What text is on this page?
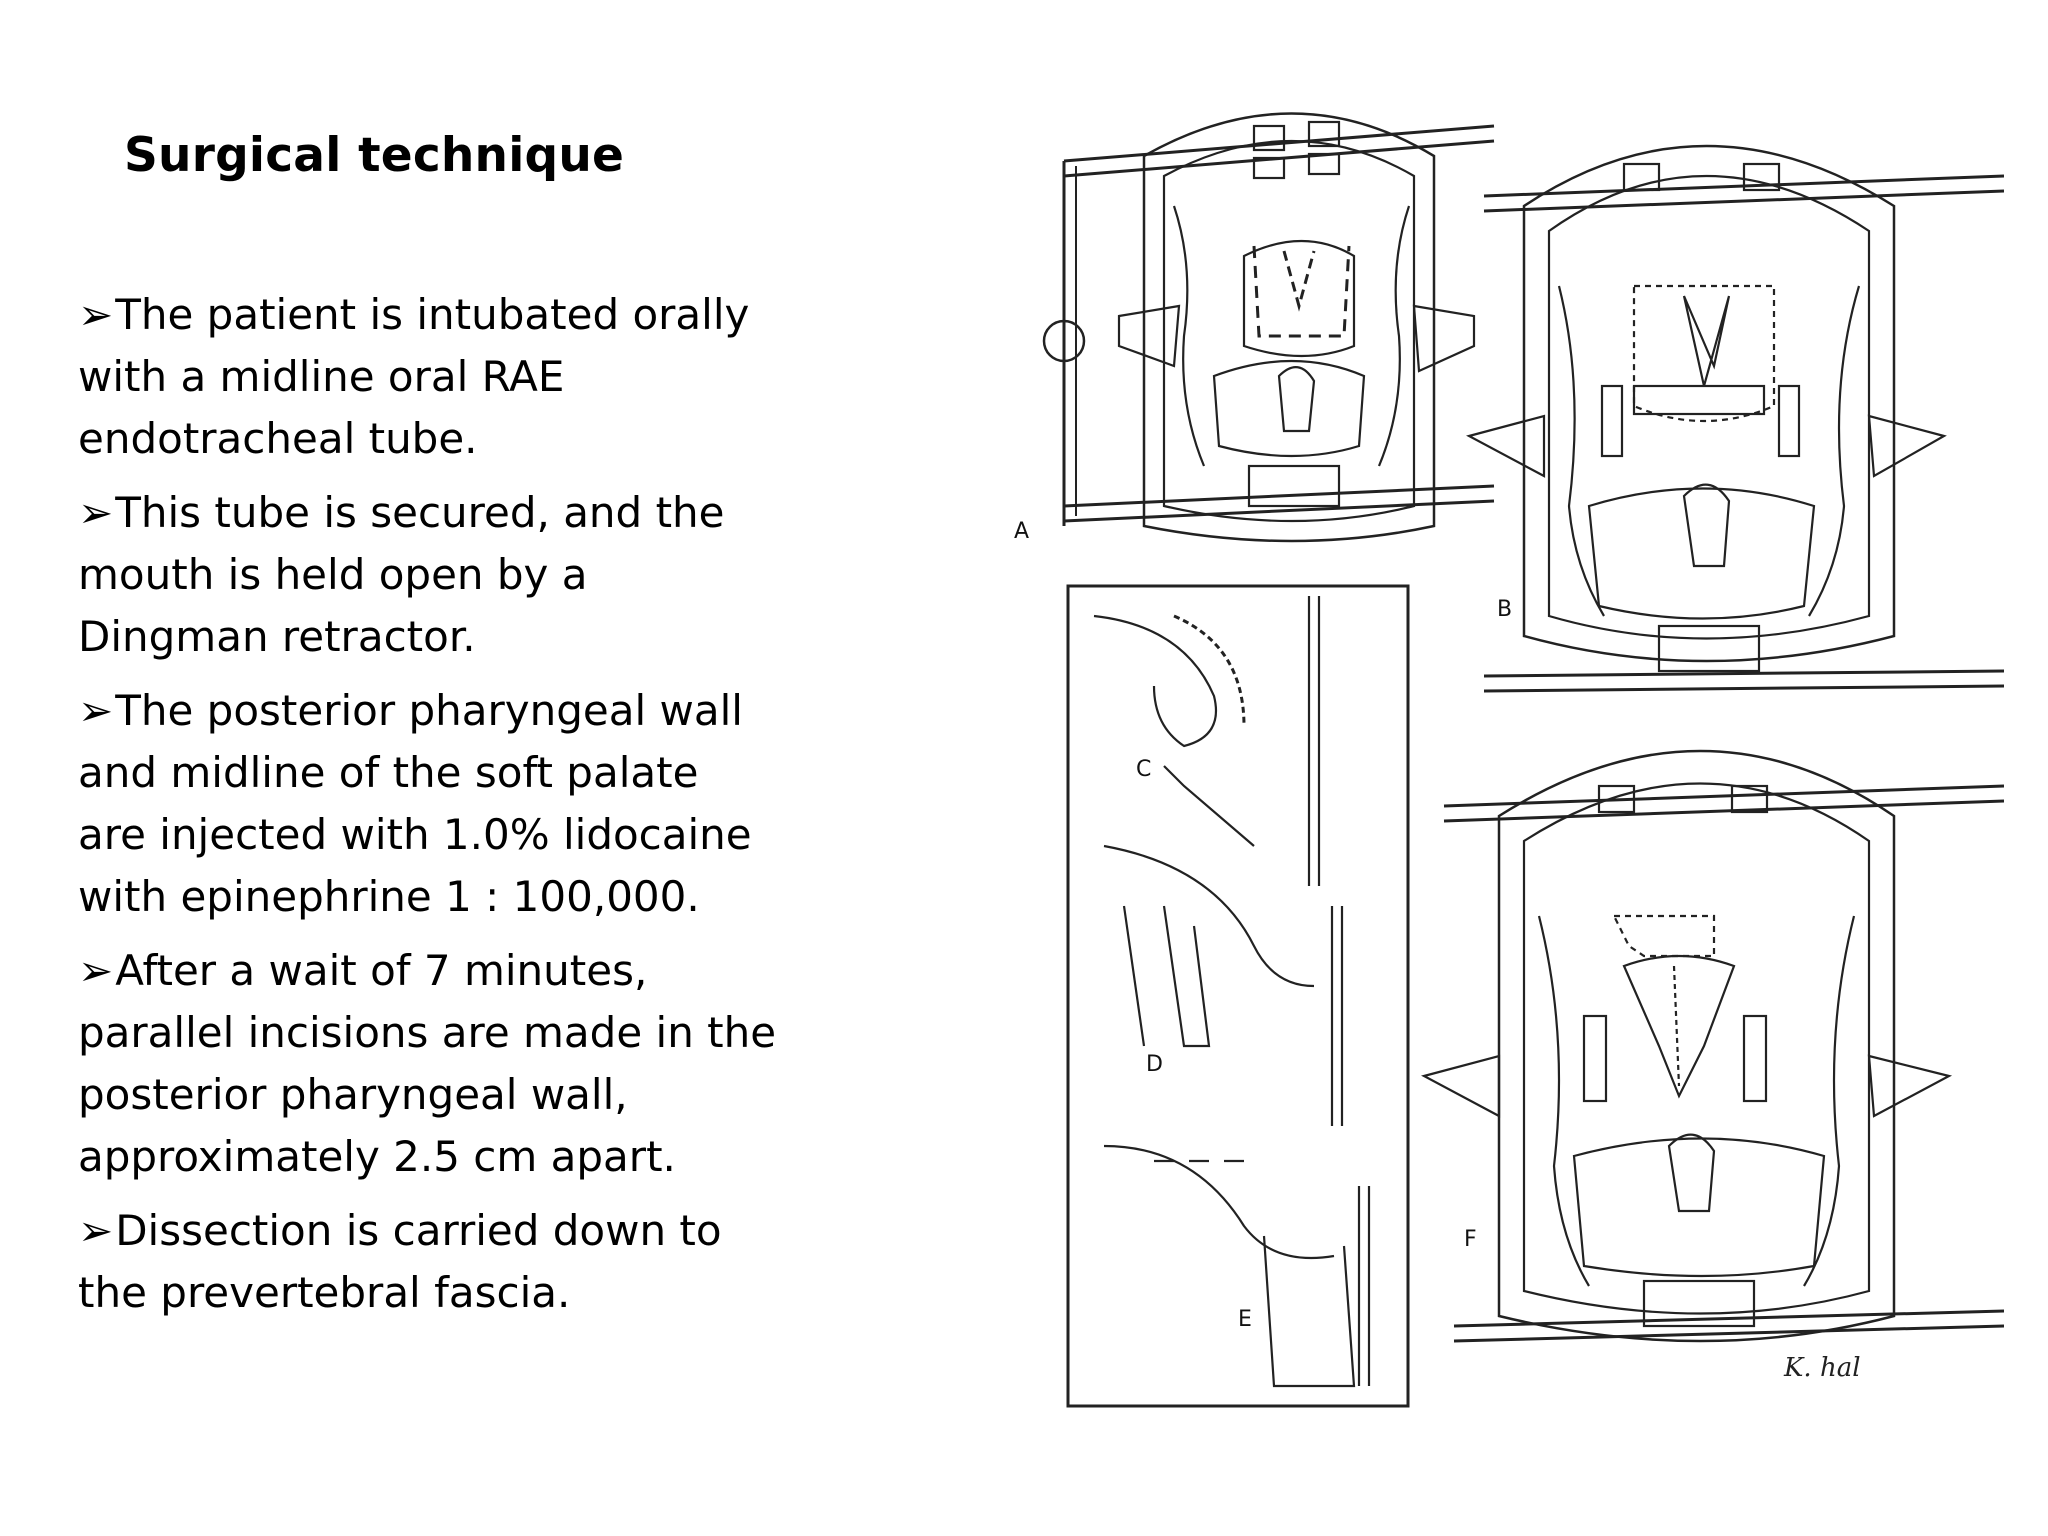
Surgical technique
➢The patient is intubated orally with a midline oral RAE endotracheal tube.
➢This tube is secured, and the mouth is held open by a Dingman retractor.
➢The posterior pharyngeal wall and midline of the soft palate are injected with 1.0% lidocaine with epinephrine 1 : 100,000.
➢After a wait of 7 minutes, parallel incisions are made in the posterior pharyngeal wall, approximately 2.5 cm apart.
➢Dissection is carried down to the prevertebral fascia.
A
B
C
D
E
F
K. hal
